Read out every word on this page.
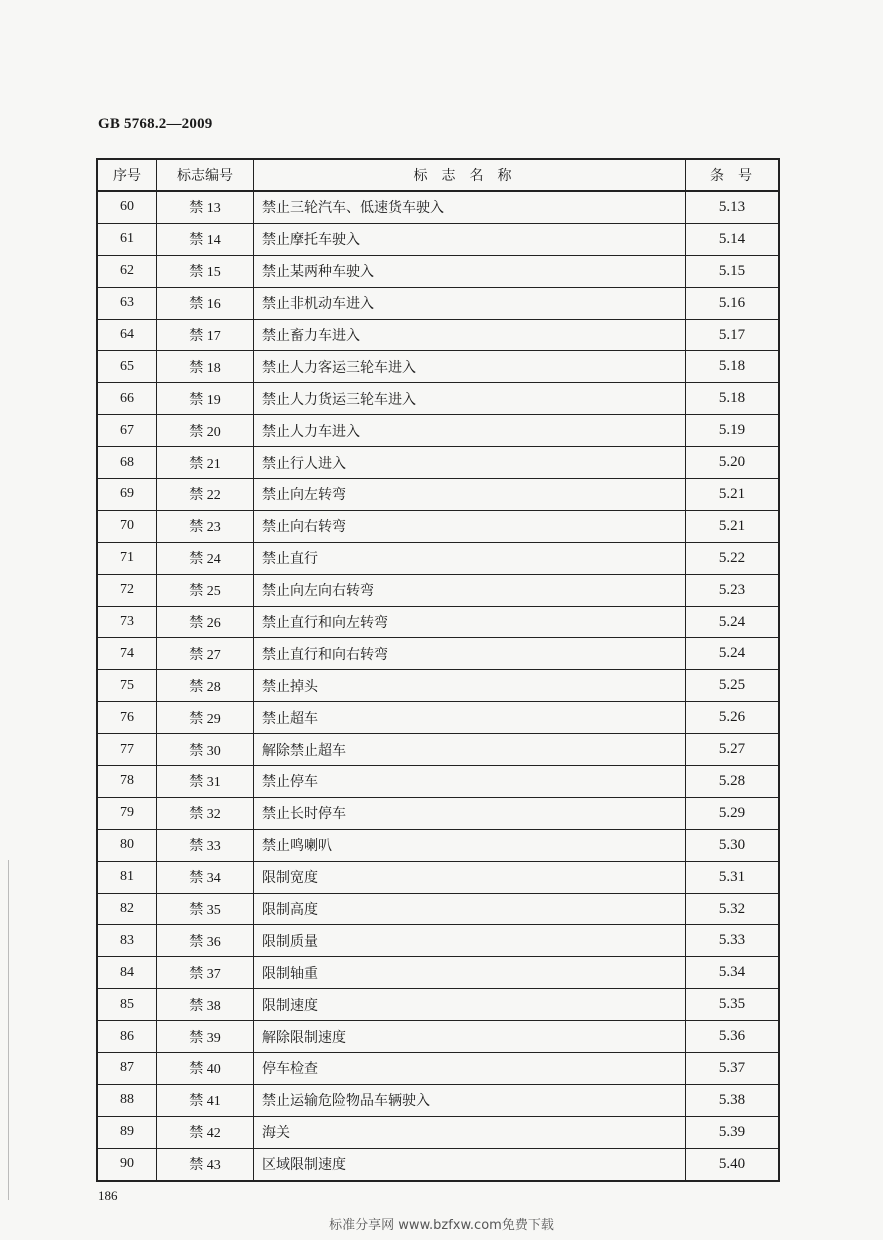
GB 5768.2—2009
序号	标志编号	标志名称	条号
60	禁 13	禁止三轮汽车、低速货车驶入	5.13
61	禁 14	禁止摩托车驶入	5.14
62	禁 15	禁止某两种车驶入	5.15
63	禁 16	禁止非机动车进入	5.16
64	禁 17	禁止畜力车进入	5.17
65	禁 18	禁止人力客运三轮车进入	5.18
66	禁 19	禁止人力货运三轮车进入	5.18
67	禁 20	禁止人力车进入	5.19
68	禁 21	禁止行人进入	5.20
69	禁 22	禁止向左转弯	5.21
70	禁 23	禁止向右转弯	5.21
71	禁 24	禁止直行	5.22
72	禁 25	禁止向左向右转弯	5.23
73	禁 26	禁止直行和向左转弯	5.24
74	禁 27	禁止直行和向右转弯	5.24
75	禁 28	禁止掉头	5.25
76	禁 29	禁止超车	5.26
77	禁 30	解除禁止超车	5.27
78	禁 31	禁止停车	5.28
79	禁 32	禁止长时停车	5.29
80	禁 33	禁止鸣喇叭	5.30
81	禁 34	限制宽度	5.31
82	禁 35	限制高度	5.32
83	禁 36	限制质量	5.33
84	禁 37	限制轴重	5.34
85	禁 38	限制速度	5.35
86	禁 39	解除限制速度	5.36
87	禁 40	停车检查	5.37
88	禁 41	禁止运输危险物品车辆驶入	5.38
89	禁 42	海关	5.39
90	禁 43	区域限制速度	5.40
186
标准分享网 www.bzfxw.com免费下载
